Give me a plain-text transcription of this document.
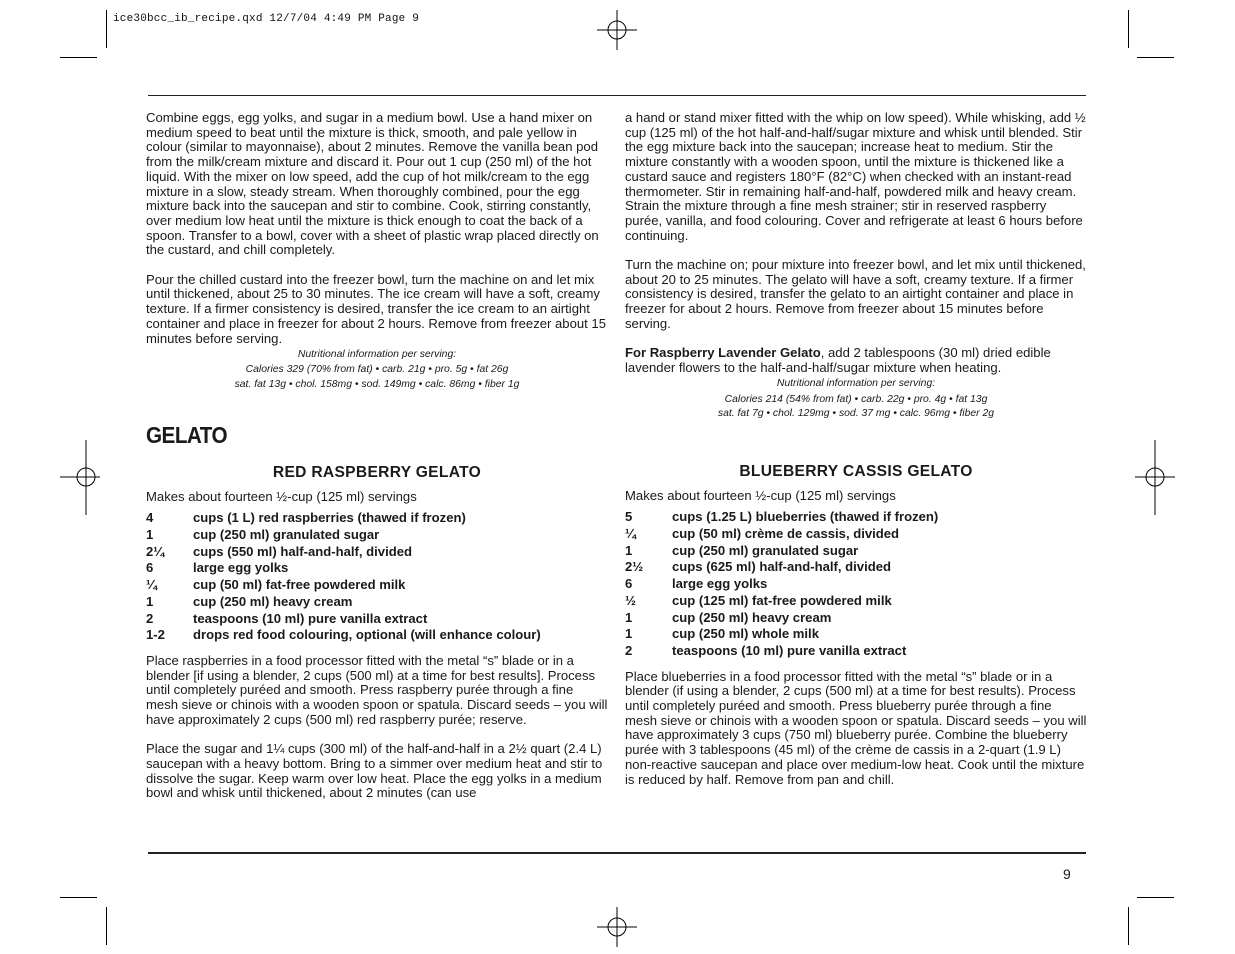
ice30bcc_ib_recipe.qxd 12/7/04 4:49 PM Page 9

Combine eggs, egg yolks, and sugar in a medium bowl. Use a hand mixer on medium speed to beat until the mixture is thick, smooth, and pale yellow in colour (similar to mayonnaise), about 2 minutes. Remove the vanilla bean pod from the milk/cream mixture and discard it. Pour out 1 cup (250 ml) of the hot liquid. With the mixer on low speed, add the cup of hot milk/cream to the egg mixture in a slow, steady stream. When thoroughly combined, pour the egg mixture back into the saucepan and stir to combine. Cook, stirring constantly, over medium low heat until the mixture is thick enough to coat the back of a spoon. Transfer to a bowl, cover with a sheet of plastic wrap placed directly on the custard, and chill completely.

Pour the chilled custard into the freezer bowl, turn the machine on and let mix until thickened, about 25 to 30 minutes. The ice cream will have a soft, creamy texture. If a firmer consistency is desired, transfer the ice cream to an airtight container and place in freezer for about 2 hours. Remove from freezer about 15 minutes before serving.

Nutritional information per serving:
Calories 329 (70% from fat) • carb. 21g • pro. 5g • fat 26g
sat. fat 13g • chol. 158mg • sod. 149mg • calc. 86mg • fiber 1g
GELATO
RED RASPBERRY GELATO

Makes about fourteen ½-cup (125 ml) servings

4	cups (1 L) red raspberries (thawed if frozen)
1	cup (250 ml) granulated sugar
2¼	cups (550 ml) half-and-half, divided
6	large egg yolks
¼	cup (50 ml) fat-free powdered milk
1	cup (250 ml) heavy cream
2	teaspoons (10 ml) pure vanilla extract
1-2	drops red food colouring, optional (will enhance colour)

Place raspberries in a food processor fitted with the metal “s” blade or in a blender [if using a blender, 2 cups (500 ml) at a time for best results]. Process until completely puréed and smooth. Press raspberry purée through a fine mesh sieve or chinois with a wooden spoon or spatula. Discard seeds – you will have approximately 2 cups (500 ml) red raspberry purée; reserve.

Place the sugar and 1¼ cups (300 ml) of the half-and-half in a 2½ quart (2.4 L) saucepan with a heavy bottom. Bring to a simmer over medium heat and stir to dissolve the sugar. Keep warm over low heat. Place the egg yolks in a medium bowl and whisk until thickened, about 2 minutes (can use

a hand or stand mixer fitted with the whip on low speed). While whisking, add ½ cup (125 ml) of the hot half-and-half/sugar mixture and whisk until blended. Stir the egg mixture back into the saucepan; increase heat to medium. Stir the mixture constantly with a wooden spoon, until the mixture is thickened like a custard sauce and registers 180°F (82°C) when checked with an instant-read thermometer. Stir in remaining half-and-half, powdered milk and heavy cream. Strain the mixture through a fine mesh strainer; stir in reserved raspberry purée, vanilla, and food colouring. Cover and refrigerate at least 6 hours before continuing.

Turn the machine on; pour mixture into freezer bowl, and let mix until thickened, about 20 to 25 minutes. The gelato will have a soft, creamy texture. If a firmer consistency is desired, transfer the gelato to an airtight container and place in freezer for about 2 hours. Remove from freezer about 15 minutes before serving.

For Raspberry Lavender Gelato, add 2 tablespoons (30 ml) dried edible lavender flowers to the half-and-half/sugar mixture when heating.

Nutritional information per serving:
Calories 214 (54% from fat) • carb. 22g • pro. 4g • fat 13g
sat. fat 7g • chol. 129mg • sod. 37 mg • calc. 96mg • fiber 2g
BLUEBERRY CASSIS GELATO

Makes about fourteen ½-cup (125 ml) servings

5	cups (1.25 L) blueberries (thawed if frozen)
¼	cup (50 ml) crème de cassis, divided
1	cup (250 ml) granulated sugar
2½	cups (625 ml) half-and-half, divided
6	large egg yolks
½	cup (125 ml) fat-free powdered milk
1	cup (250 ml) heavy cream
1	cup (250 ml) whole milk
2	teaspoons (10 ml) pure vanilla extract

Place blueberries in a food processor fitted with the metal “s” blade or in a blender (if using a blender, 2 cups (500 ml) at a time for best results). Process until completely puréed and smooth. Press blueberry purée through a fine mesh sieve or chinois with a wooden spoon or spatula. Discard seeds – you will have approximately 3 cups (750 ml) blueberry purée. Combine the blueberry purée with 3 tablespoons (45 ml) of the crème de cassis in a 2-quart (1.9 L) non-reactive saucepan and place over medium-low heat. Cook until the mixture is reduced by half. Remove from pan and chill.

9
